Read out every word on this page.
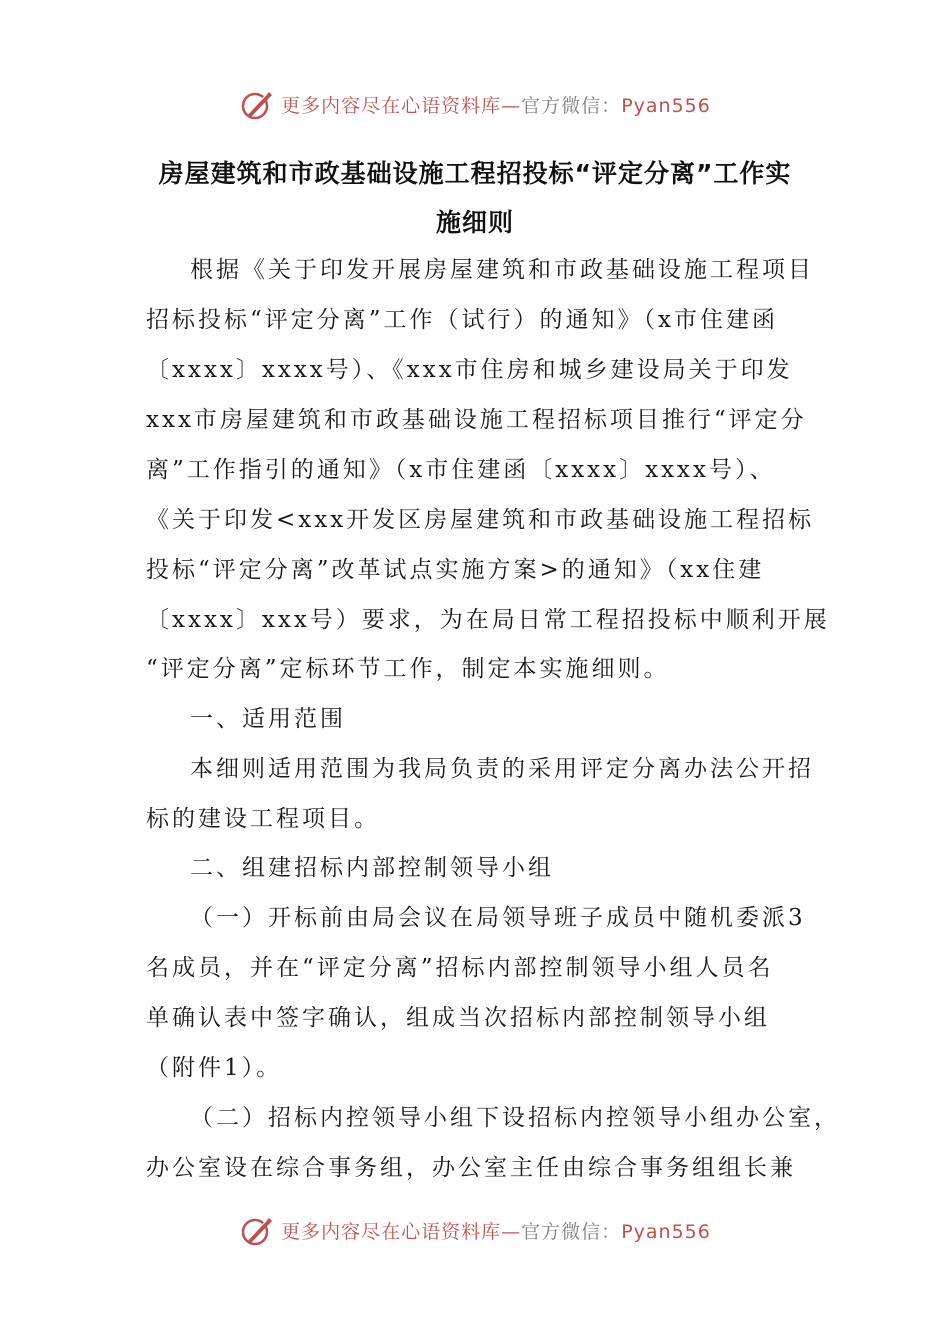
更多内容尽在心语资料库—官方微信：Pyan556
房屋建筑和市政基础设施工程招投标“评定分离”工作实
施细则
根据《关于印发开展房屋建筑和市政基础设施工程项目
招标投标“评定分离”工作（试行）的通知》（x市住建函
〔xxxx〕xxxx号）、《xxx市住房和城乡建设局关于印发
xxx市房屋建筑和市政基础设施工程招标项目推行“评定分
离”工作指引的通知》（x市住建函〔xxxx〕xxxx号）、
《关于印发<xxx开发区房屋建筑和市政基础设施工程招标
投标“评定分离”改革试点实施方案>的通知》（xx住建
〔xxxx〕xxx号）要求，为在局日常工程招投标中顺利开展
“评定分离”定标环节工作，制定本实施细则。
一、适用范围
本细则适用范围为我局负责的采用评定分离办法公开招
标的建设工程项目。
二、组建招标内部控制领导小组
（一）开标前由局会议在局领导班子成员中随机委派3
名成员，并在“评定分离”招标内部控制领导小组人员名
单确认表中签字确认，组成当次招标内部控制领导小组
（附件1）。
（二）招标内控领导小组下设招标内控领导小组办公室，
办公室设在综合事务组，办公室主任由综合事务组组长兼
更多内容尽在心语资料库—官方微信：Pyan556
